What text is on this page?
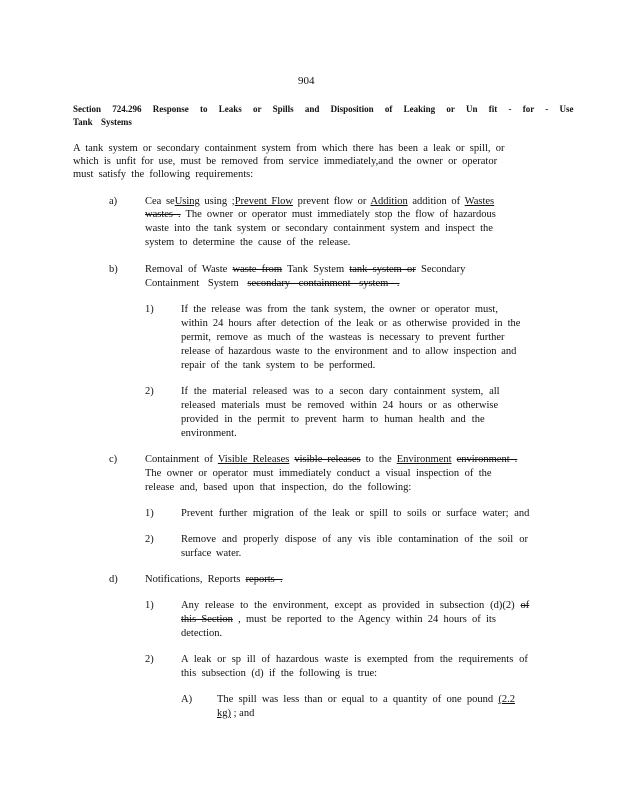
904
Section 724.296 Response to Leaks or Spills and Disposition of Leaking or Un fit - for - Use
Tank Systems
A tank system or secondary containment system from which there has been a leak or spill, or
which is unfit for use, must be removed from service immediately,and the owner or operator
must satisfy the following requirements:
a)	Cea seUsing using ;Prevent Flow prevent flow or Addition addition of Wastes
wastes . The owner or operator must immediately stop the flow of hazardous
waste into the tank system or secondary containment system and inspect the
system to determine the cause of the release.
b)	Removal of Waste waste from Tank System tank system or Secondary
Containment System secondary containment system .
1)	If the release was from the tank system, the owner or operator must,
within 24 hours after detection of the leak or as otherwise provided in the
permit, remove as much of the wasteas is necessary to prevent further
release of hazardous waste to the environment and to allow inspection and
repair of the tank system to be performed.
2)	If the material released was to a secon dary containment system, all
released materials must be removed within 24 hours or as otherwise
provided in the permit to prevent harm to human health and the
environment.
c)	Containment of Visible Releases visible releases to the Environment environment .
The owner or operator must immediately conduct a visual inspection of the
release and, based upon that inspection, do the following:
1)	Prevent further migration of the leak or spill to soils or surface water; and
2)	Remove and properly dispose of any vis ible contamination of the soil or
surface water.
d)	Notifications, Reports reports .
1)	Any release to the environment, except as provided in subsection (d)(2) of
this Section , must be reported to the Agency within 24 hours of its
detection.
2)	A leak or sp ill of hazardous waste is exempted from the requirements of
this subsection (d) if the following is true:
A) The spill was less than or equal to a quantity of one pound (2.2
kg) ; and
